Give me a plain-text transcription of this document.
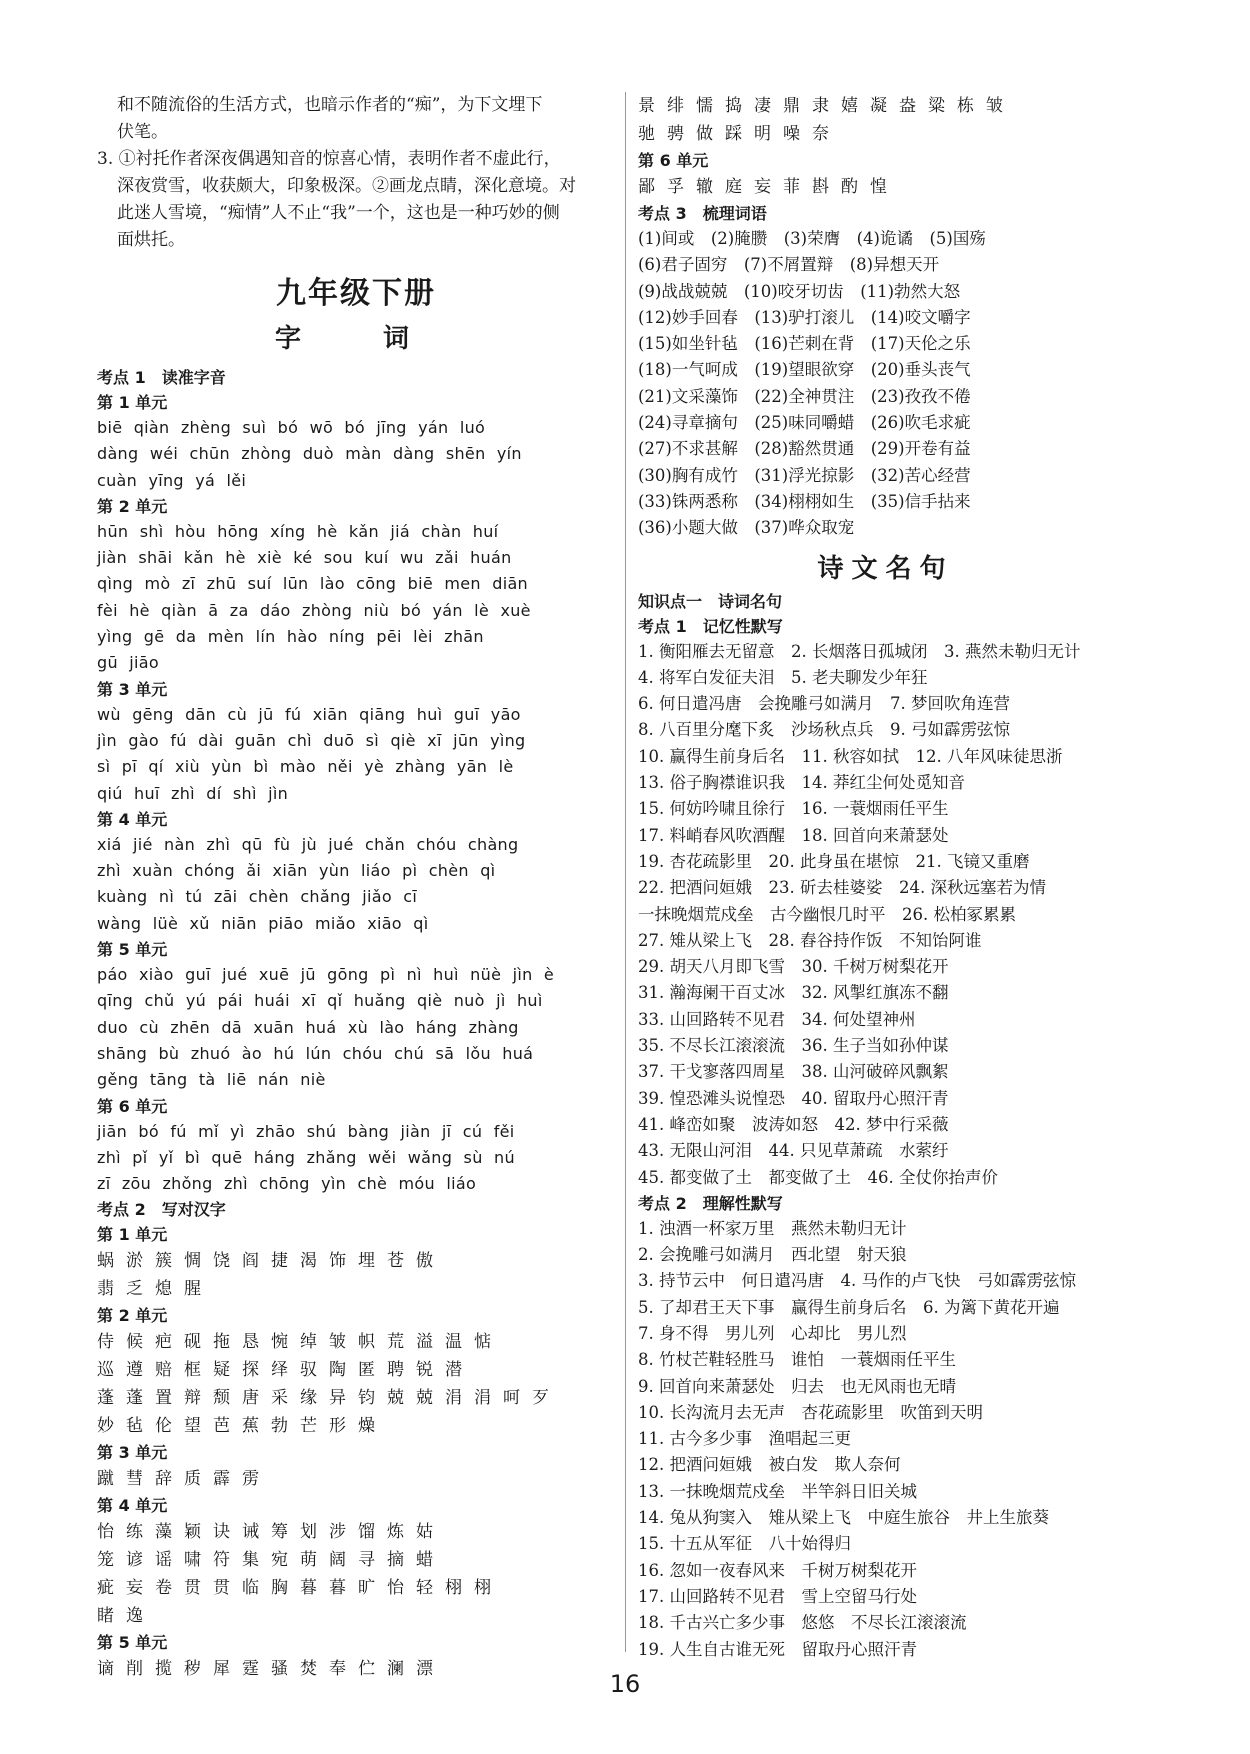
和不随流俗的生活方式，也暗示作者的“痴”，为下文埋下

伏笔。

3. ①衬托作者深夜偶遇知音的惊喜心情，表明作者不虚此行，

深夜赏雪，收获颇大，印象极深。②画龙点睛，深化意境。对

此迷人雪境，“痴情”人不止“我”一个，这也是一种巧妙的侧

面烘托。

九年级下册
字　词
考点 1　读准字音
第 1 单元
biē qiàn zhèng suì bó wō bó jīng yán luó
dàng wéi chūn zhòng duò màn dàng shēn yín
cuàn yīng yá lěi
第 2 单元
hūn shì hòu hōng xíng hè kǎn jiá chàn huí
jiàn shāi kǎn hè xiè ké sou kuí wu zǎi huán
qìng mò zī zhū suí lūn lào cōng biē men diān
fèi hè qiàn ā za dáo zhòng niù bó yán lè xuè
yìng gē da mèn lín hào níng pēi lèi zhān
gū jiāo
第 3 单元
wù gēng dān cù jū fú xiān qiāng huì guī yāo
jìn gào fú dài guān chì duō sì qiè xī jūn yìng
sì pī qí xiù yùn bì mào něi yè zhàng yān lè
qiú huī zhì dí shì jìn
第 4 单元
xiá jié nàn zhì qū fù jù jué chǎn chóu chàng
zhì xuàn chóng ǎi xiān yùn liáo pì chèn qì
kuàng nì tú zāi chèn chǎng jiǎo cī
wàng lüè xǔ niān piāo miǎo xiāo qì
第 5 单元
páo xiào guī jué xuē jū gōng pì nì huì nüè jìn è
qīng chǔ yú pái huái xī qǐ huǎng qiè nuò jì huì
duo cù zhēn dā xuān huá xù lào háng zhàng
shāng bù zhuó ào hú lún chóu chú sā lǒu huá
gěng tāng tà liē nán niè
第 6 单元
jiān bó fú mǐ yì zhāo shú bàng jiàn jī cú fěi
zhì pǐ yǐ bì quē háng zhǎng wěi wǎng sù nú
zī zōu zhǒng zhì chōng yìn chè móu liáo
考点 2　写对汉字
第 1 单元
蜗淤簇惆饶阎捷渴饰埋苍傲
翡乏熄腥
第 2 单元
侍候疤砚拖恳惋绰皱帜荒溢温惦
巡遵赔框疑探绎驭陶匿聘锐潜
蓬蓬置辩颓唐采缘异钧兢兢涓涓呵歹
妙毡伦望芭蕉勃芒形燥
第 3 单元
蹴彗辞质霹雳
第 4 单元
怡练藻颖诀诫筹划涉馏炼姑
笼谚谣啸符集宛萌阔寻摘蜡
疵妄卷贯贯临胸暮暮旷怡轻栩栩
睹逸
第 5 单元
谪削揽秽犀霆骚焚奉伫澜漂
景绯懦捣凄鼎隶嬉凝盎粱栋皱
驰骋做踩明噪奈
第 6 单元
鄙孚辙庭妄菲斟酌惶
考点 3　梳理词语
(1)间或　(2)腌臜　(3)荣膺　(4)诡谲　(5)国殇
(6)君子固穷　(7)不屑置辩　(8)异想天开
(9)战战兢兢　(10)咬牙切齿　(11)勃然大怒
(12)妙手回春　(13)驴打滚儿　(14)咬文嚼字
(15)如坐针毡　(16)芒刺在背　(17)天伦之乐
(18)一气呵成　(19)望眼欲穿　(20)垂头丧气
(21)文采藻饰　(22)全神贯注　(23)孜孜不倦
(24)寻章摘句　(25)味同嚼蜡　(26)吹毛求疵
(27)不求甚解　(28)豁然贯通　(29)开卷有益
(30)胸有成竹　(31)浮光掠影　(32)苦心经营
(33)铢两悉称　(34)栩栩如生　(35)信手拈来
(36)小题大做　(37)哗众取宠
诗文名句
知识点一　诗词名句
考点 1　记忆性默写
1. 衡阳雁去无留意　2. 长烟落日孤城闭　3. 燕然未勒归无计
4. 将军白发征夫泪　5. 老夫聊发少年狂
6. 何日遣冯唐　会挽雕弓如满月　7. 梦回吹角连营
8. 八百里分麾下炙　沙场秋点兵　9. 弓如霹雳弦惊
10. 赢得生前身后名　11. 秋容如拭　12. 八年风味徒思浙
13. 俗子胸襟谁识我　14. 莽红尘何处觅知音
15. 何妨吟啸且徐行　16. 一蓑烟雨任平生
17. 料峭春风吹酒醒　18. 回首向来萧瑟处
19. 杏花疏影里　20. 此身虽在堪惊　21. 飞镜又重磨
22. 把酒问姮娥　23. 斫去桂婆娑　24. 深秋远塞若为情
一抹晚烟荒戍垒　古今幽恨几时平　26. 松柏冢累累
27. 雉从梁上飞　28. 舂谷持作饭　不知饴阿谁
29. 胡天八月即飞雪　30. 千树万树梨花开
31. 瀚海阑干百丈冰　32. 风掣红旗冻不翻
33. 山回路转不见君　34. 何处望神州
35. 不尽长江滚滚流　36. 生子当如孙仲谋
37. 干戈寥落四周星　38. 山河破碎风飘絮
39. 惶恐滩头说惶恐　40. 留取丹心照汗青
41. 峰峦如聚　波涛如怒　42. 梦中行采薇
43. 无限山河泪　44. 只见草萧疏　水萦纡
45. 都变做了土　都变做了土　46. 全仗你抬声价
考点 2　理解性默写
1. 浊酒一杯家万里　燕然未勒归无计
2. 会挽雕弓如满月　西北望　射天狼
3. 持节云中　何日遣冯唐　4. 马作的卢飞快　弓如霹雳弦惊
5. 了却君王天下事　赢得生前身后名　6. 为篱下黄花开遍
7. 身不得　男儿列　心却比　男儿烈
8. 竹杖芒鞋轻胜马　谁怕　一蓑烟雨任平生
9. 回首向来萧瑟处　归去　也无风雨也无晴
10. 长沟流月去无声　杏花疏影里　吹笛到天明
11. 古今多少事　渔唱起三更
12. 把酒问姮娥　被白发　欺人奈何
13. 一抹晚烟荒戍垒　半竿斜日旧关城
14. 兔从狗窦入　雉从梁上飞　中庭生旅谷　井上生旅葵
15. 十五从军征　八十始得归
16. 忽如一夜春风来　千树万树梨花开
17. 山回路转不见君　雪上空留马行处
18. 千古兴亡多少事　悠悠　不尽长江滚滚流
19. 人生自古谁无死　留取丹心照汗青
16
